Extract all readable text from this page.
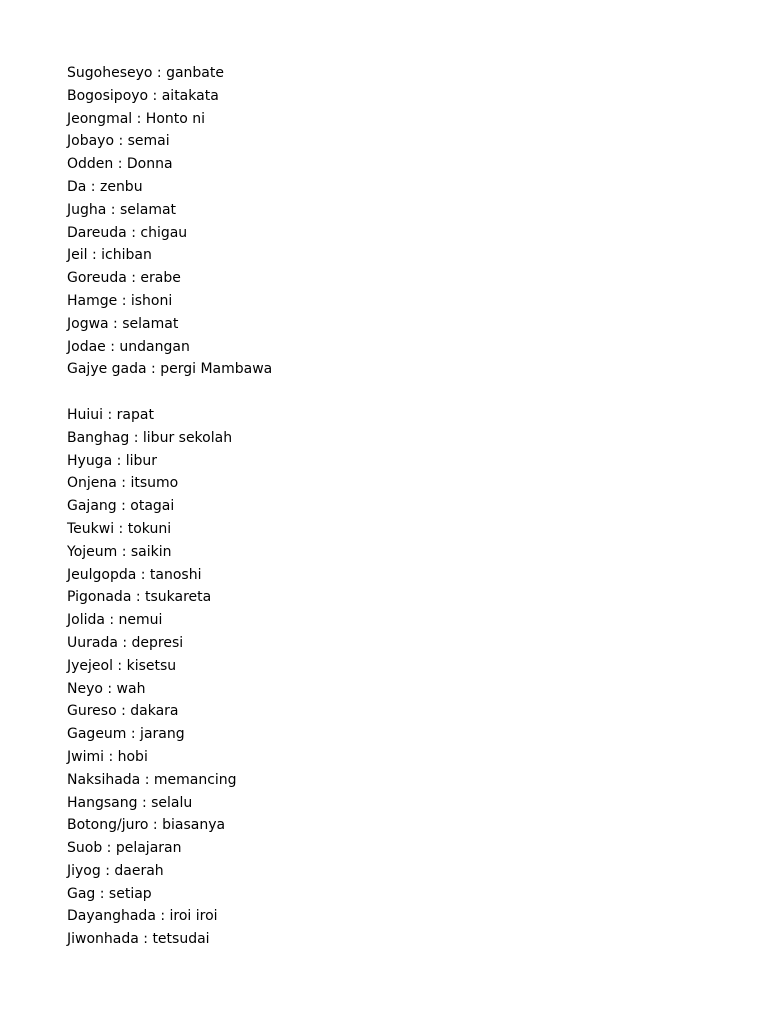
Sugoheseyo : ganbate
Bogosipoyo : aitakata
Jeongmal : Honto ni
Jobayo : semai
Odden : Donna
Da : zenbu
Jugha : selamat
Dareuda : chigau
Jeil : ichiban
Goreuda : erabe
Hamge : ishoni
Jogwa : selamat
Jodae : undangan
Gajye gada : pergi Mambawa
Huiui : rapat
Banghag : libur sekolah
Hyuga : libur
Onjena : itsumo
Gajang : otagai
Teukwi : tokuni
Yojeum : saikin
Jeulgopda : tanoshi
Pigonada : tsukareta
Jolida : nemui
Uurada : depresi
Jyejeol : kisetsu
Neyo : wah
Gureso : dakara
Gageum : jarang
Jwimi : hobi
Naksihada : memancing
Hangsang : selalu
Botong/juro : biasanya
Suob : pelajaran
Jiyog : daerah
Gag : setiap
Dayanghada : iroi iroi
Jiwonhada : tetsudai
